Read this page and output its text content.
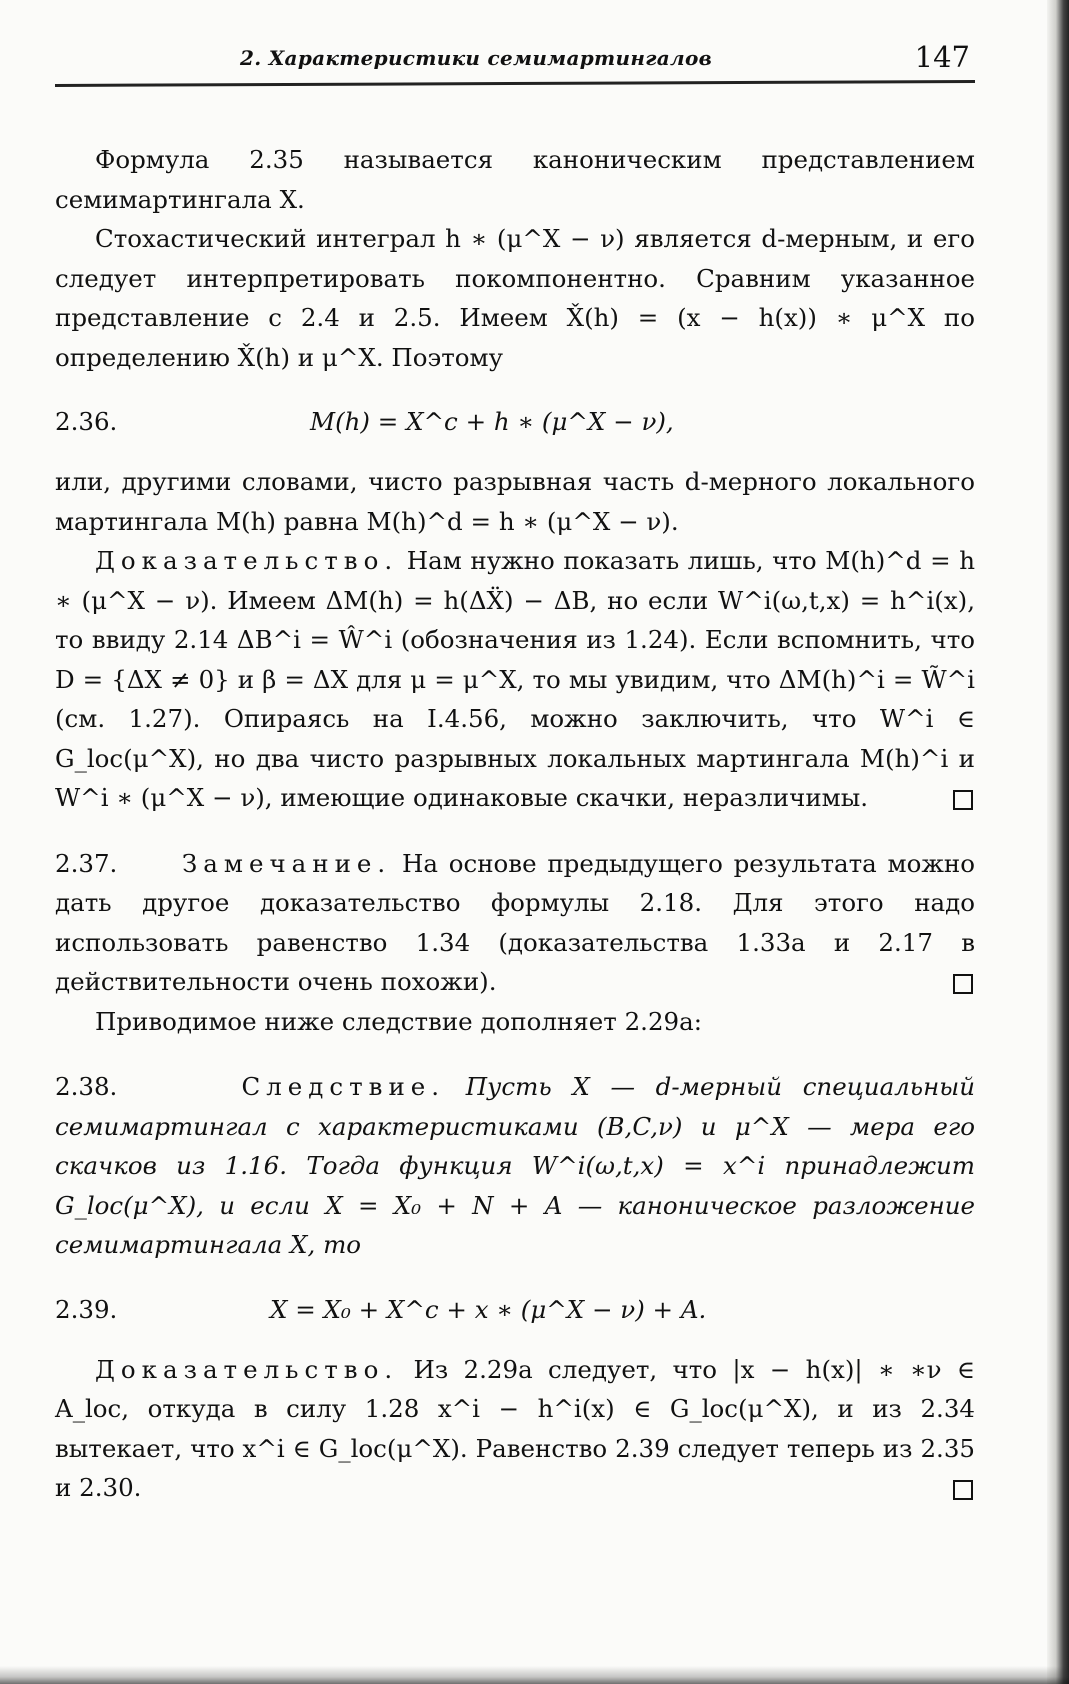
2. Характеристики семимартингалов	147

Формула 2.35 называется каноническим представлением семимартингала X.

Стохастический интеграл h ∗ (μ^X − ν) является d-мерным, и его следует интерпретировать покомпонентно. Сравним указанное представление с 2.4 и 2.5. Имеем X̌(h) = (x − h(x)) ∗ μ^X по определению X̌(h) и μ^X. Поэтому

2.36.	M(h) = X^c + h ∗ (μ^X − ν),

или, другими словами, чисто разрывная часть d-мерного локального мартингала M(h) равна M(h)^d = h ∗ (μ^X − ν).

Доказательство. Нам нужно показать лишь, что M(h)^d = h ∗ (μ^X − ν). Имеем ΔM(h) = h(ΔẌ) − ΔB, но если W^i(ω,t,x) = h^i(x), то ввиду 2.14 ΔB^i = Ŵ^i (обозначения из 1.24). Если вспомнить, что D = {ΔX ≠ 0} и β = ΔX для μ = μ^X, то мы увидим, что ΔM(h)^i = W̃^i (см. 1.27). Опираясь на I.4.56, можно заключить, что W^i ∈ G_loc(μ^X), но два чисто разрывных локальных мартингала M(h)^i и W^i ∗ (μ^X − ν), имеющие одинаковые скачки, неразличимы.

2.37.	Замечание. На основе предыдущего результата можно дать другое доказательство формулы 2.18. Для этого надо использовать равенство 1.34 (доказательства 1.33a и 2.17 в действительности очень похожи).

Приводимое ниже следствие дополняет 2.29a:

2.38.	Следствие. Пусть X — d-мерный специальный семимартингал с характеристиками (B,C,ν) и μ^X — мера его скачков из 1.16. Тогда функция W^i(ω,t,x) = x^i принадлежит G_loc(μ^X), и если X = X₀ + N + A — каноническое разложение семимартингала X, то

2.39.	X = X₀ + X^c + x ∗ (μ^X − ν) + A.

Доказательство. Из 2.29a следует, что |x − h(x)| ∗ ∗ν ∈ A_loc, откуда в силу 1.28 x^i − h^i(x) ∈ G_loc(μ^X), и из 2.34 вытекает, что x^i ∈ G_loc(μ^X). Равенство 2.39 следует теперь из 2.35 и 2.30.
